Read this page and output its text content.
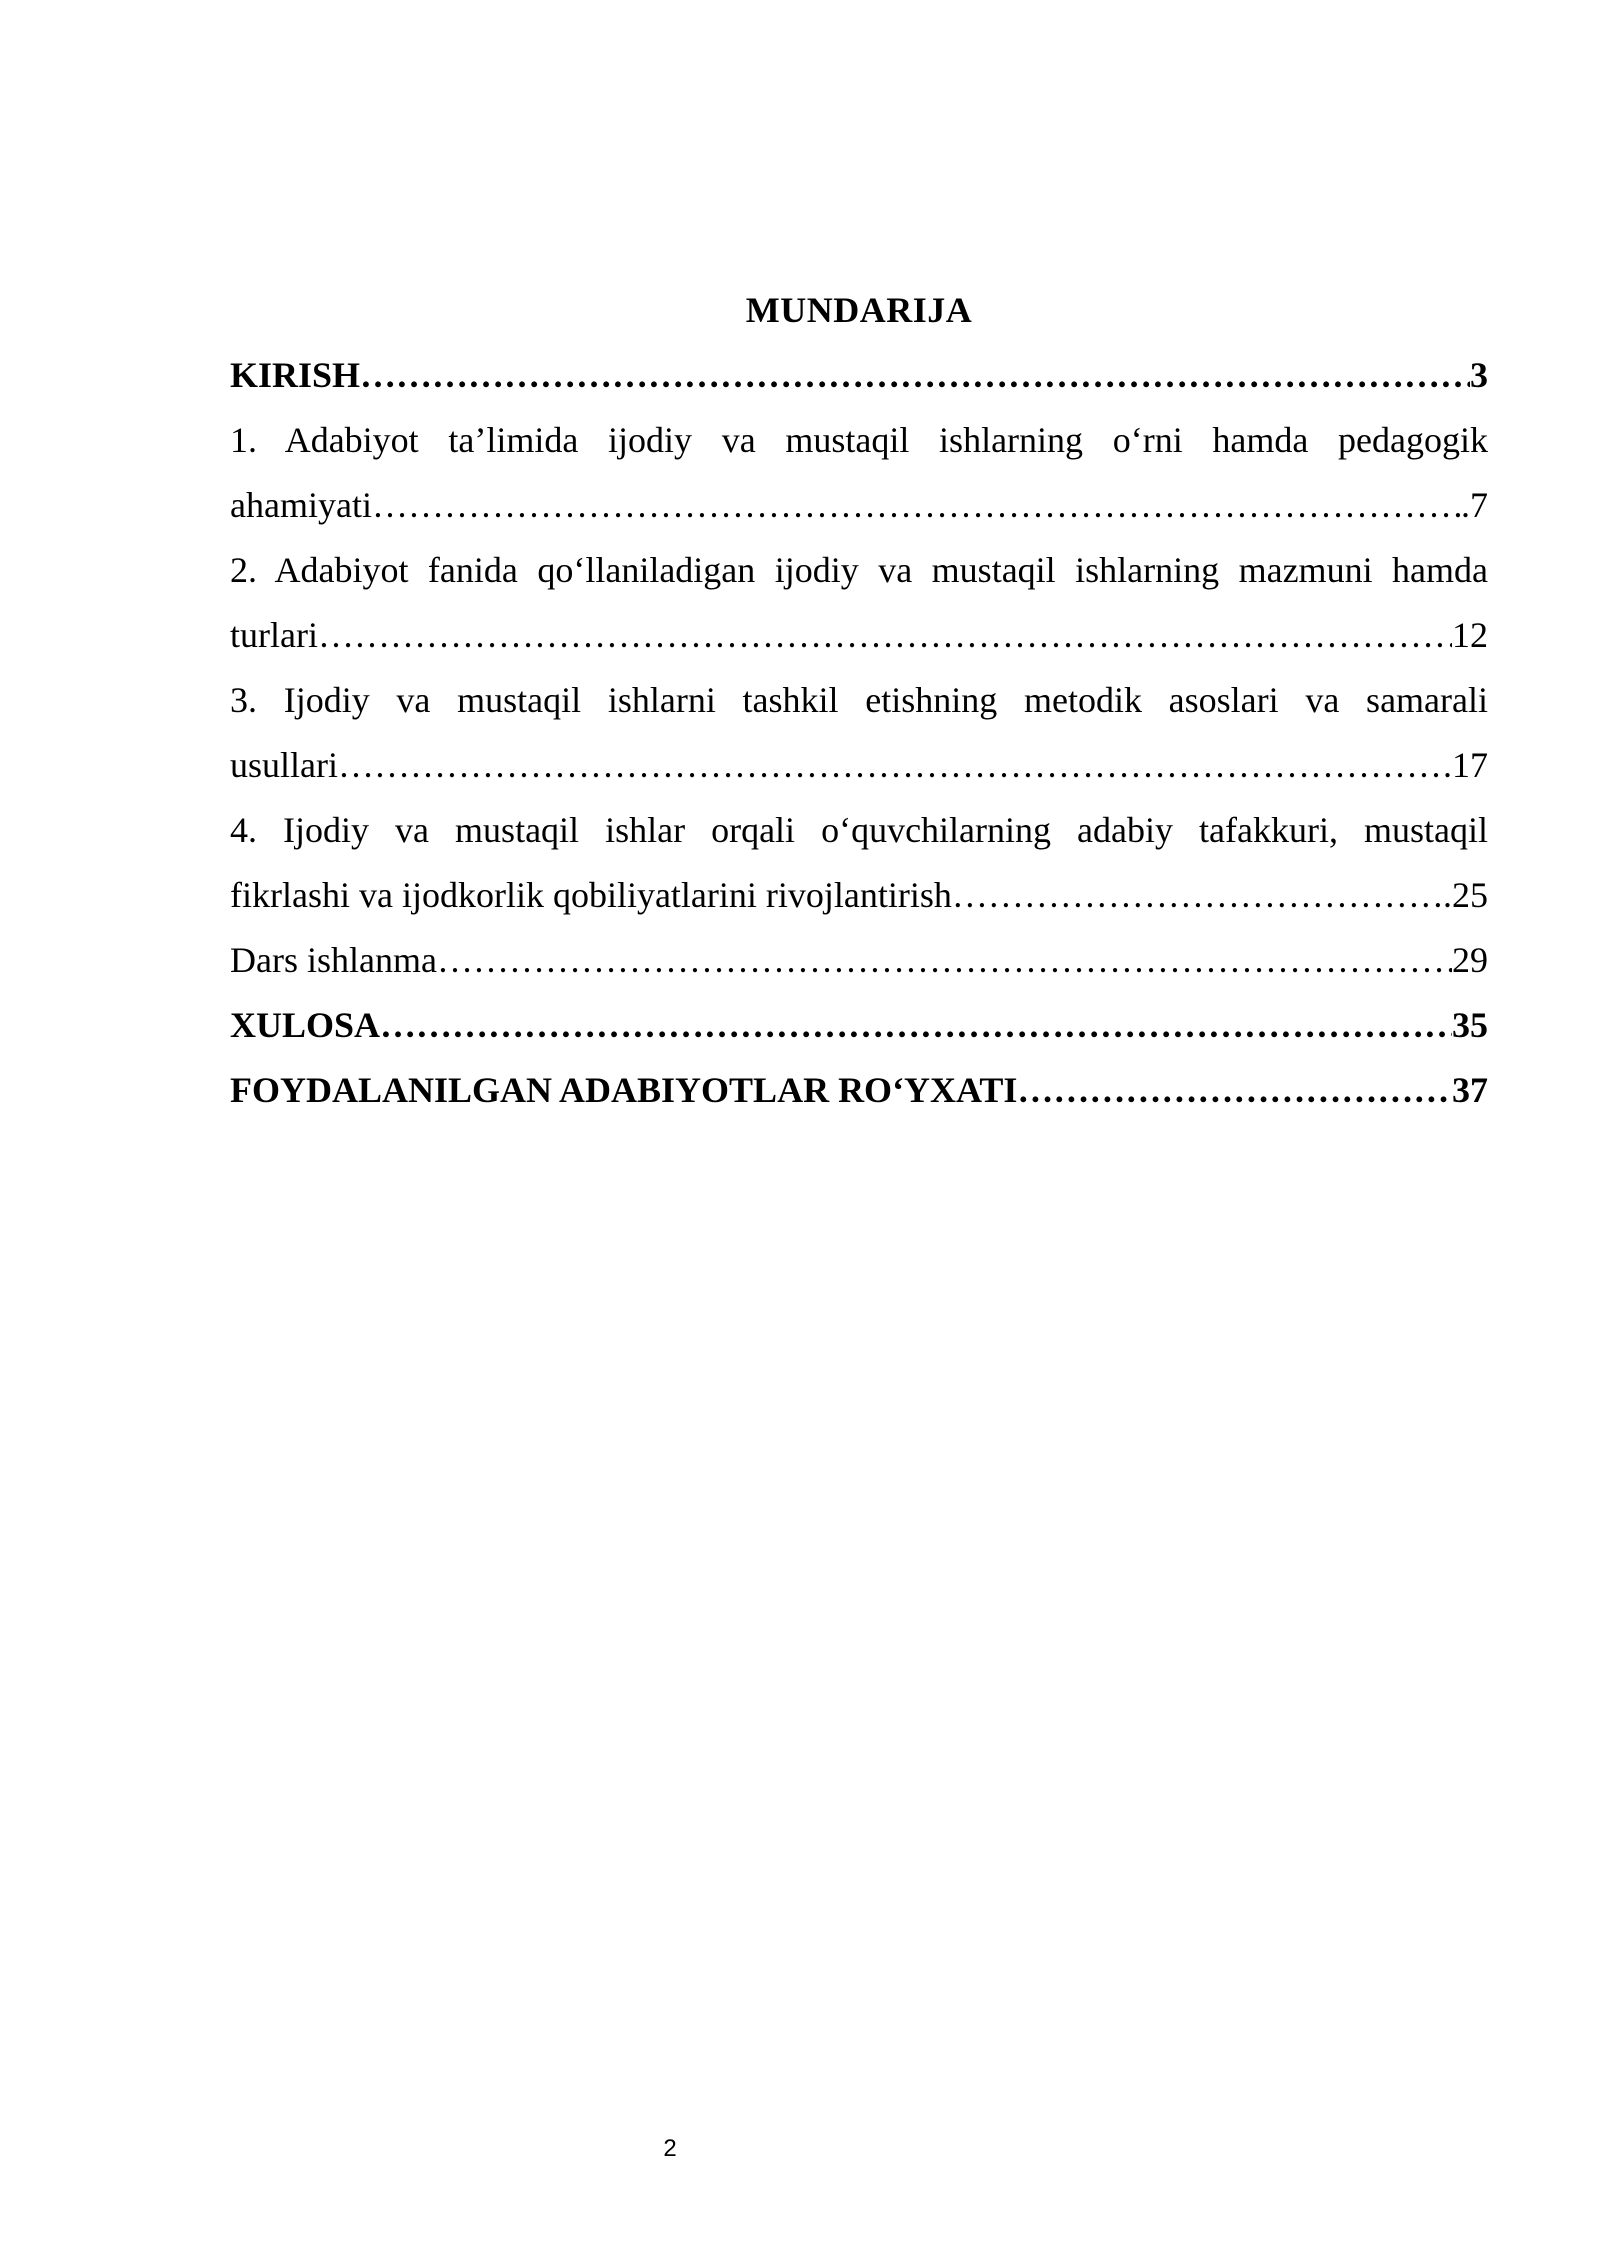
MUNDARIJA
KIRISH …………………………………………………………………………………………………………………………………………………………………………………………	3
1. Adabiyot ta’limida ijodiy va mustaqil ishlarning o‘rni hamda pedagogik
ahamiyati …………………………………………………………………………………………………………………………………………………………………………………………	.7
2. Adabiyot fanida qo‘llaniladigan ijodiy va mustaqil ishlarning mazmuni hamda
turlari …………………………………………………………………………………………………………………………………………………………………………………………	12
3. Ijodiy va mustaqil ishlarni tashkil etishning metodik asoslari va samarali
usullari …………………………………………………………………………………………………………………………………………………………………………………………	.17
4. Ijodiy va mustaqil ishlar orqali o‘quvchilarning adabiy tafakkuri, mustaqil
fikrlashi va ijodkorlik qobiliyatlarini rivojlantirish …………………………………………………………………………………………………………………………………………………………………………………………	.25
Dars ishlanma …………………………………………………………………………………………………………………………………………………………………………………………	29
XULOSA …………………………………………………………………………………………………………………………………………………………………………………………	35
FOYDALANILGAN ADABIYOTLAR RO‘YXATI …………………………………………………………………………………………………………………………………………………………………………………………	37
2
